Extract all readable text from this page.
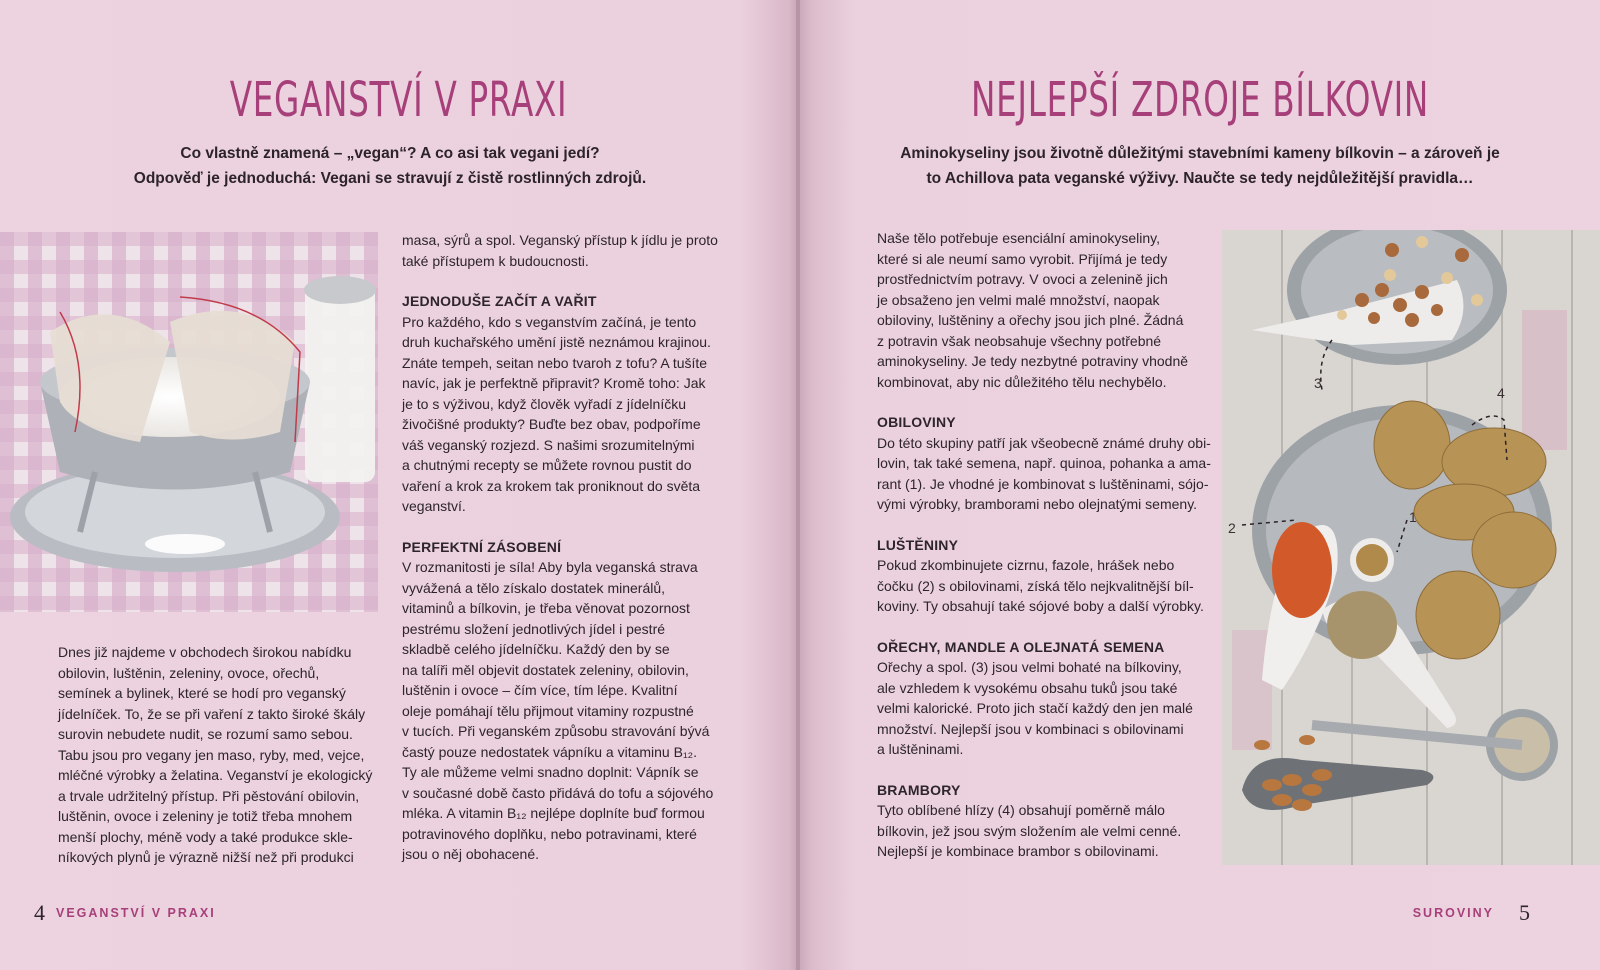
VEGANSTVÍ V PRAXI
Co vlastně znamená – „vegan“? A co asi tak vegani jedí?
Odpověď je jednoduchá: Vegani se stravují z čistě rostlinných zdrojů.

Dnes již najdeme v obchodech širokou nabídku

obilovin, luštěnin, zeleniny, ovoce, ořechů,

semínek a bylinek, které se hodí pro veganský

jídelníček. To, že se při vaření z takto široké škály

surovin nebudete nudit, se rozumí samo sebou.

Tabu jsou pro vegany jen maso, ryby, med, vejce,

mléčné výrobky a želatina. Veganství je ekologický

a trvale udržitelný přístup. Při pěstování obilovin,

luštěnin, ovoce i zeleniny je totiž třeba mnohem

menší plochy, méně vody a také produkce skle-

níkových plynů je výrazně nižší než při produkci

masa, sýrů a spol. Veganský přístup k jídlu je proto

také přístupem k budoucnosti.

JEDNODUŠE ZAČÍT A VAŘIT

Pro každého, kdo s veganstvím začíná, je tento

druh kuchařského umění jistě neznámou krajinou.

Znáte tempeh, seitan nebo tvaroh z tofu? A tušíte

navíc, jak je perfektně připravit? Kromě toho: Jak

je to s výživou, když člověk vyřadí z jídelníčku

živočišné produkty? Buďte bez obav, podpoříme

váš veganský rozjezd. S našimi srozumitelnými

a chutnými recepty se můžete rovnou pustit do

vaření a krok za krokem tak proniknout do světa

veganství.

PERFEKTNÍ ZÁSOBENÍ

V rozmanitosti je síla! Aby byla veganská strava

vyvážená a tělo získalo dostatek minerálů,

vitaminů a bílkovin, je třeba věnovat pozornost

pestrému složení jednotlivých jídel i pestré

skladbě celého jídelníčku. Každý den by se

na talíři měl objevit dostatek zeleniny, obilovin,

luštěnin i ovoce – čím více, tím lépe. Kvalitní

oleje pomáhají tělu přijmout vitaminy rozpustné

v tucích. Při veganském způsobu stravování bývá

častý pouze nedostatek vápníku a vitaminu B₁₂.

Ty ale můžeme velmi snadno doplnit: Vápník se

v současné době často přidává do tofu a sójového

mléka. A vitamin B₁₂ nejlépe doplníte buď formou

potravinového doplňku, nebo potravinami, které

jsou o něj obohacené.

4 VEGANSTVÍ V PRAXI
NEJLEPŠÍ ZDROJE BÍLKOVIN
Aminokyseliny jsou životně důležitými stavebními kameny bílkovin – a zároveň je
to Achillova pata veganské výživy. Naučte se tedy nejdůležitější pravidla…

Naše tělo potřebuje esenciální aminokyseliny,

které si ale neumí samo vyrobit. Přijímá je tedy

prostřednictvím potravy. V ovoci a zelenině jich

je obsaženo jen velmi malé množství, naopak

obiloviny, luštěniny a ořechy jsou jich plné. Žádná

z potravin však neobsahuje všechny potřebné

aminokyseliny. Je tedy nezbytné potraviny vhodně

kombinovat, aby nic důležitého tělu nechybělo.

OBILOVINY

Do této skupiny patří jak všeobecně známé druhy obi-

lovin, tak také semena, např. quinoa, pohanka a ama-

rant (1). Je vhodné je kombinovat s luštěninami, sójo-

vými výrobky, bramborami nebo olejnatými semeny.

LUŠTĚNINY

Pokud zkombinujete cizrnu, fazole, hrášek nebo

čočku (2) s obilovinami, získá tělo nejkvalitnější bíl-

koviny. Ty obsahují také sójové boby a další výrobky.

OŘECHY, MANDLE A OLEJNATÁ SEMENA

Ořechy a spol. (3) jsou velmi bohaté na bílkoviny,

ale vzhledem k vysokému obsahu tuků jsou také

velmi kalorické. Proto jich stačí každý den jen malé

množství. Nejlepší jsou v kombinaci s obilovinami

a luštěninami.

BRAMBORY

Tyto oblíbené hlízy (4) obsahují poměrně málo

bílkovin, jež jsou svým složením ale velmi cenné.

Nejlepší je kombinace brambor s obilovinami.

SUROVINY 5
3
4
2
1
